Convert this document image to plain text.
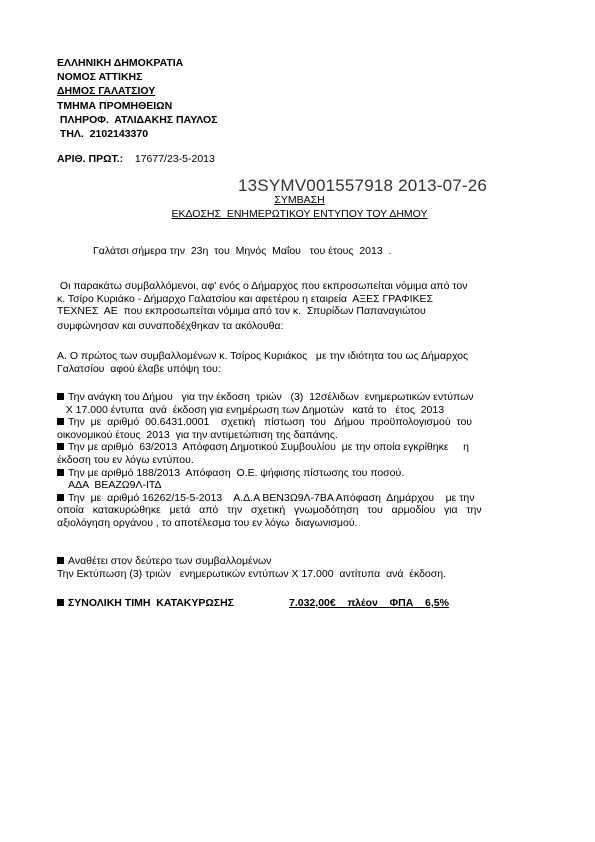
ΕΛΛΗΝΙΚΗ ΔΗΜΟΚΡΑΤΙΑ
ΝΟΜΟΣ ΑΤΤΙΚΗΣ
ΔΗΜΟΣ ΓΑΛΑΤΣΙΟΥ
ΤΜΗΜΑ ΠΡΟΜΗΘΕΙΩΝ
ΠΛΗΡΟΦ.  ΑΤΛΙΔΑΚΗΣ ΠΑΥΛΟΣ
ΤΗΛ.  2102143370
ΑΡΙΘ. ΠΡΩΤ.: 17677/23-5-2013
13SYMV001557918 2013-07-26
ΣΥΜΒΑΣΗ
ΕΚΔΟΣΗΣ  ΕΝΗΜΕΡΩΤΙΚΟΥ ΕΝΤΥΠΟΥ ΤΟΥ ΔΗΜΟΥ
Γαλάτσι σήμερα την  23η  του  Μηνός  Μαΐου   του έτους  2013  .
Οι παρακάτω συμβαλλόμενοι, αφ' ενός ο Δήμαρχος που εκπροσωπείται νόμιμα από τον
κ. Τσίρο Κυριάκο - Δήμαρχο Γαλατσίου και αφετέρου η εταιρεία  ΑΞΕΣ ΓΡΑΦΙΚΕΣ
ΤΕΧΝΕΣ  ΑΕ  που εκπροσωπείται νόμιμα από τον κ.  Σπυρίδων Παπαναγιώτου
συμφώνησαν και συναποδέχθηκαν τα ακόλουθα:
Α. Ο πρώτος των συμβαλλομένων κ. Τσίρος Κυριάκος   με την ιδιότητα του ως Δήμαρχος
Γαλατσίου  αφού έλαβε υπόψη του:
Την ανάγκη του Δήμου   για την έκδοση  τριών   (3)  12σέλιδων  ενημερωτικών εντύπων
Χ 17.000 έντυπα  ανά  έκδοση για ενημέρωση των Δημοτών   κατά το   έτος  2013
Την  με  αριθμό  00.6431.0001    σχετική   πίστωση  του   Δήμου  προϋπολογισμού  του
οικονομικού έτους  2013  για την αντιμετώπιση της δαπάνης.
Την με αριθμό  63/2013  Απόφαση Δημοτικού Συμβουλίου  με την οποία εγκρίθηκε     η
έκδοση του εν λόγω εντύπου.
Την με αριθμό 188/2013  Απόφαση  Ο.Ε. ψήφισης πίστωσης του ποσού.
ΑΔΑ  ΒΕΑΖΩ9Λ-ΙΤΔ
Την  με  αριθμό 16262/15-5-2013    Α.Δ.Α ΒΕΝ3Ω9Λ-7ΒΑ Απόφαση  Δημάρχου    με την
οποία   κατακυρώθηκε   μετά   από   την   σχετική   γνωμοδότηση   του   αρμοδίου   για   την
αξιολόγηση οργάνου , το αποτέλεσμα του εν λόγω  διαγωνισμού.
Αναθέτει στον δεύτερο των συμβαλλομένων
Την Εκτύπωση (3) τριών   ενημερωτικών εντύπων Χ 17.000  αντίτυπα  ανά  έκδοση.
ΣΥΝΟΛΙΚΗ ΤΙΜΗ  ΚΑΤΑΚΥΡΩΣΗΣ	7.032,00€    πλέον    ΦΠΑ    6,5%
